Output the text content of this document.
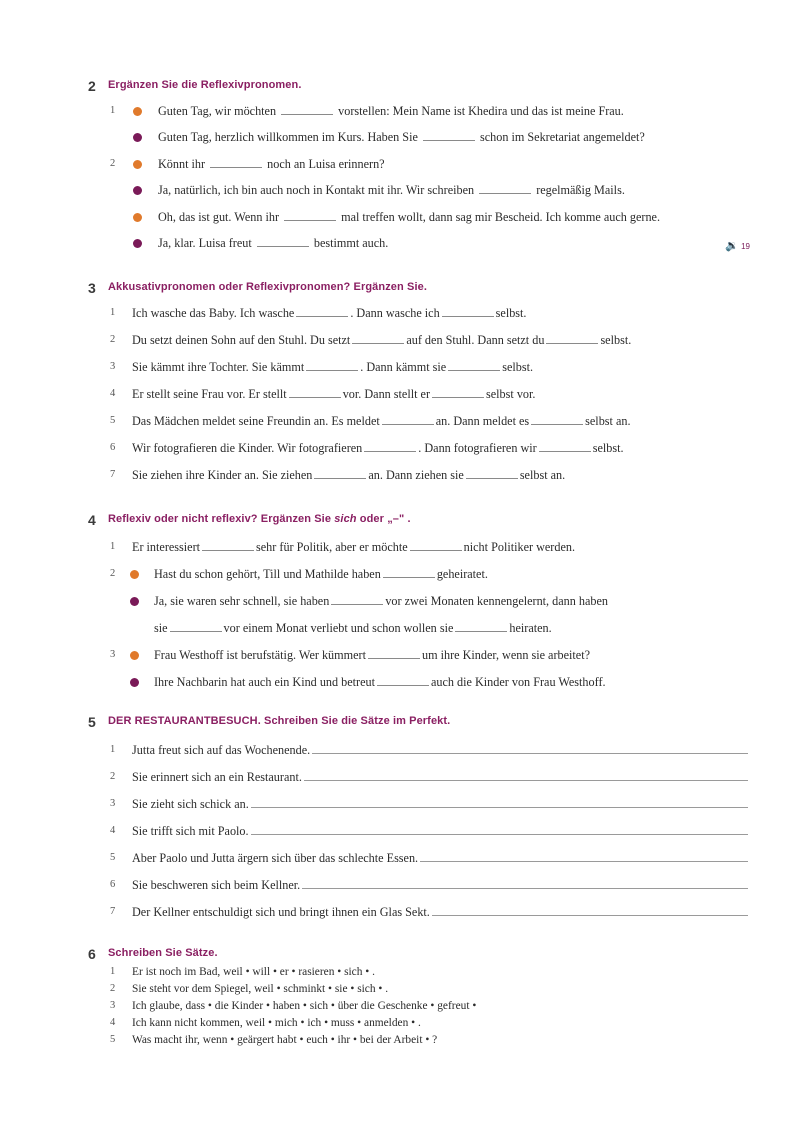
2 Ergänzen Sie die Reflexivpronomen.
1	Guten Tag, wir möchten	vorstellen: Mein Name ist Khedira und das ist meine Frau.
Guten Tag, herzlich willkommen im Kurs. Haben Sie	schon im Sekretariat angemeldet?
2	Könnt ihr	noch an Luisa erinnern?
Ja, natürlich, ich bin auch noch in Kontakt mit ihr. Wir schreiben	regelmäßig Mails.
Oh, das ist gut. Wenn ihr	mal treffen wollt, dann sag mir Bescheid. Ich komme auch gerne.
Ja, klar. Luisa freut	bestimmt auch.	🔉 19
3 Akkusativpronomen oder Reflexivpronomen? Ergänzen Sie.
1 Ich wasche das Baby. Ich wasche	. Dann wasche ich	selbst.
2 Du setzt deinen Sohn auf den Stuhl. Du setzt	auf den Stuhl. Dann setzt du	selbst.
3 Sie kämmt ihre Tochter. Sie kämmt	. Dann kämmt sie	selbst.
4 Er stellt seine Frau vor. Er stellt	vor. Dann stellt er	selbst vor.
5 Das Mädchen meldet seine Freundin an. Es meldet	an. Dann meldet es	selbst an.
6 Wir fotografieren die Kinder. Wir fotografieren	. Dann fotografieren wir	selbst.
7 Sie ziehen ihre Kinder an. Sie ziehen	an. Dann ziehen sie	selbst an.
4 Reflexiv oder nicht reflexiv? Ergänzen Sie sich oder „–" .
1 Er interessiert	sehr für Politik, aber er möchte	nicht Politiker werden.
2	Hast du schon gehört, Till und Mathilde haben	geheiratet.
Ja, sie waren sehr schnell, sie haben	vor zwei Monaten kennengelernt, dann haben
sie	vor einem Monat verliebt und schon wollen sie	heiraten.
3	Frau Westhoff ist berufstätig. Wer kümmert	um ihre Kinder, wenn sie arbeitet?
Ihre Nachbarin hat auch ein Kind und betreut	auch die Kinder von Frau Westhoff.
5 DER RESTAURANTBESUCH. Schreiben Sie die Sätze im Perfekt.
1 Jutta freut sich auf das Wochenende.
2 Sie erinnert sich an ein Restaurant.
3 Sie zieht sich schick an.
4 Sie trifft sich mit Paolo.
5 Aber Paolo und Jutta ärgern sich über das schlechte Essen.
6 Sie beschweren sich beim Kellner.
7 Der Kellner entschuldigt sich und bringt ihnen ein Glas Sekt.
6 Schreiben Sie Sätze.
1 Er ist noch im Bad, weil • will • er • rasieren • sich • .
2 Sie steht vor dem Spiegel, weil • schminkt • sie • sich • .
3 Ich glaube, dass • die Kinder • haben • sich • über die Geschenke • gefreut •
4 Ich kann nicht kommen, weil • mich • ich • muss • anmelden • .
5 Was macht ihr, wenn • geärgert habt • euch • ihr • bei der Arbeit • ?
